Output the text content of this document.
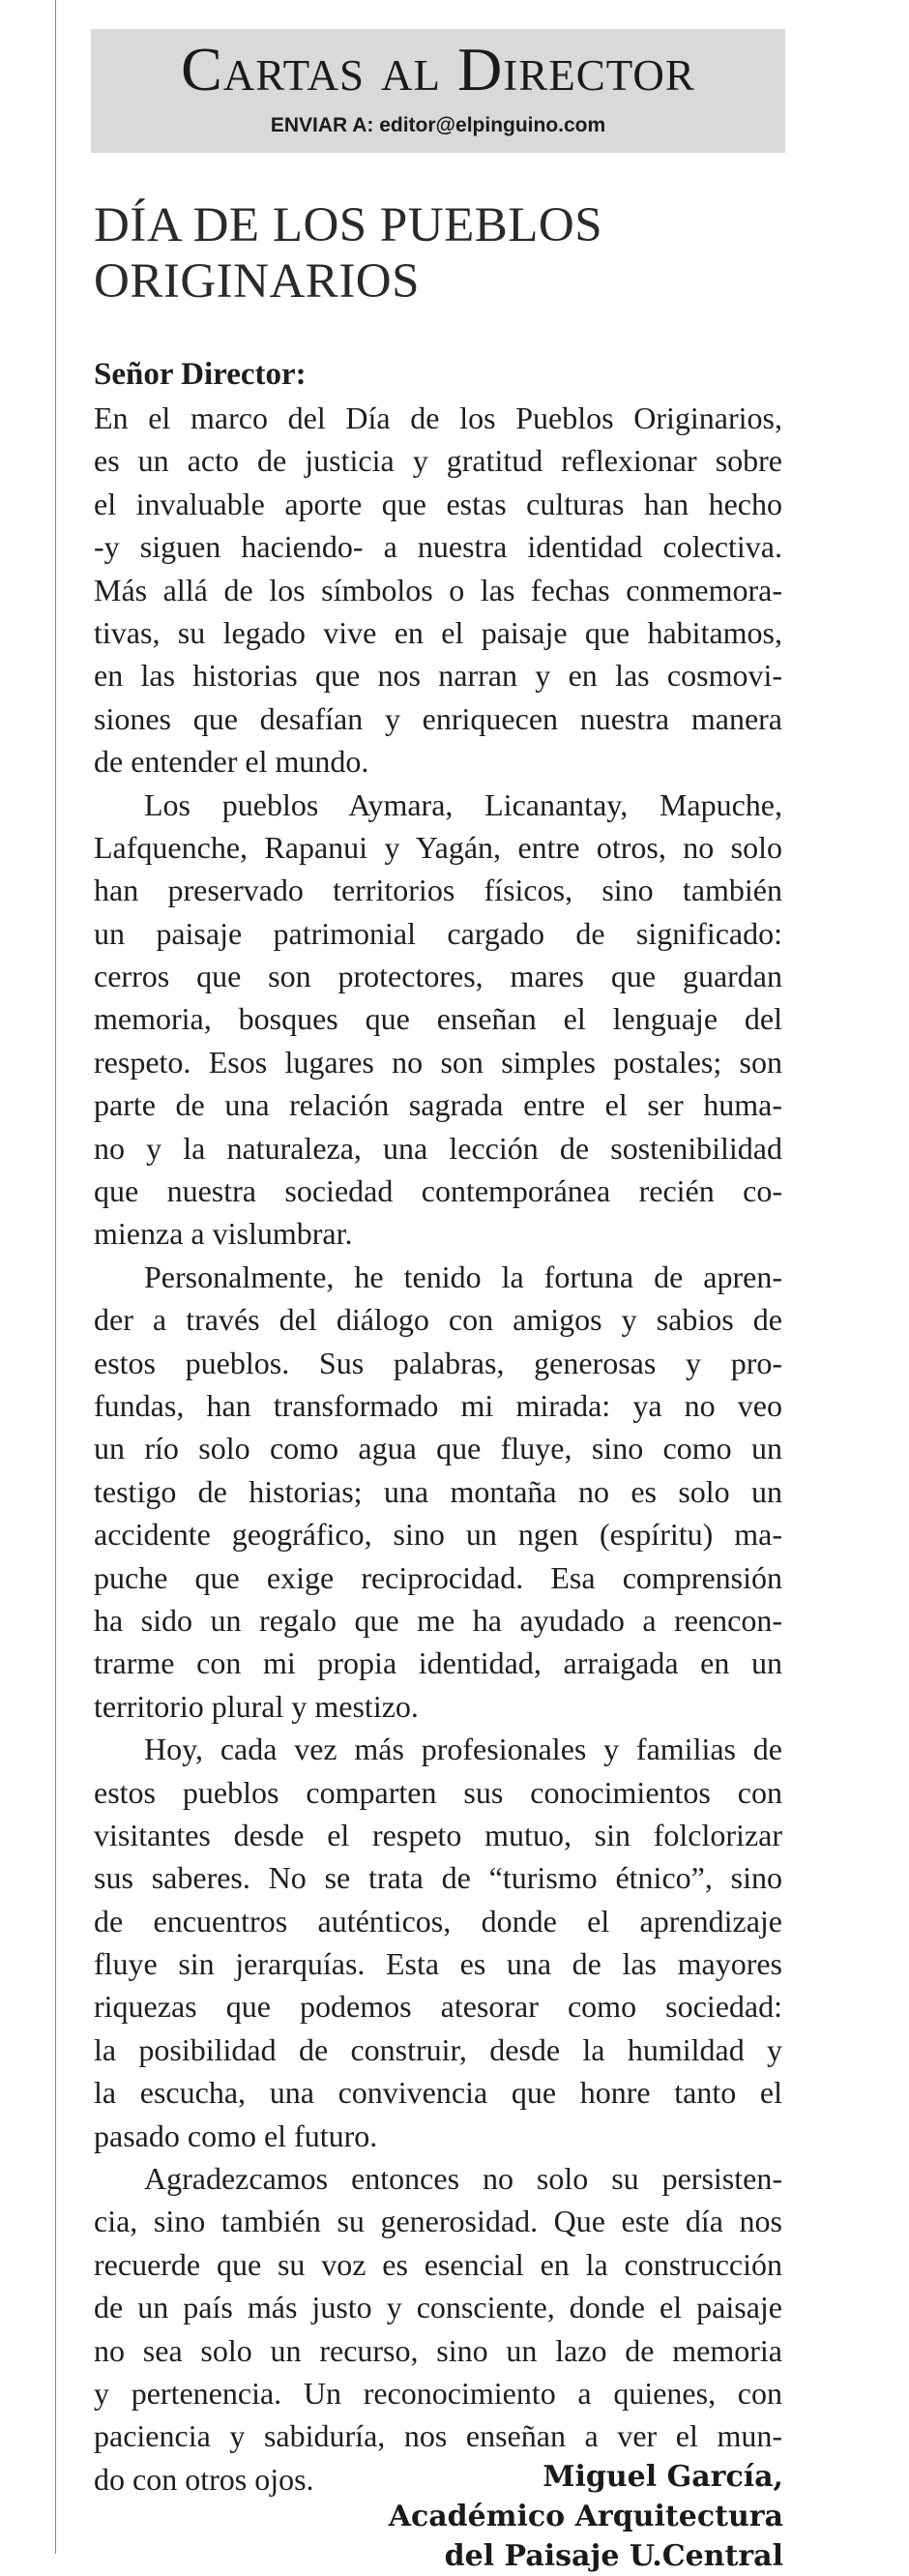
Cartas al Director
ENVIAR A: editor@elpinguino.com
DÍA DE LOS PUEBLOS
ORIGINARIOS
Señor Director:
En el marco del Día de los Pueblos Originarios,
es un acto de justicia y gratitud reflexionar sobre
el invaluable aporte que estas culturas han hecho
-y siguen haciendo- a nuestra identidad colectiva.
Más allá de los símbolos o las fechas conmemora-
tivas, su legado vive en el paisaje que habitamos,
en las historias que nos narran y en las cosmovi-
siones que desafían y enriquecen nuestra manera
de entender el mundo.
Los pueblos Aymara, Licanantay, Mapuche,
Lafquenche, Rapanui y Yagán, entre otros, no solo
han preservado territorios físicos, sino también
un paisaje patrimonial cargado de significado:
cerros que son protectores, mares que guardan
memoria, bosques que enseñan el lenguaje del
respeto. Esos lugares no son simples postales; son
parte de una relación sagrada entre el ser huma-
no y la naturaleza, una lección de sostenibilidad
que nuestra sociedad contemporánea recién co-
mienza a vislumbrar.
Personalmente, he tenido la fortuna de apren-
der a través del diálogo con amigos y sabios de
estos pueblos. Sus palabras, generosas y pro-
fundas, han transformado mi mirada: ya no veo
un río solo como agua que fluye, sino como un
testigo de historias; una montaña no es solo un
accidente geográfico, sino un ngen (espíritu) ma-
puche que exige reciprocidad. Esa comprensión
ha sido un regalo que me ha ayudado a reencon-
trarme con mi propia identidad, arraigada en un
territorio plural y mestizo.
Hoy, cada vez más profesionales y familias de
estos pueblos comparten sus conocimientos con
visitantes desde el respeto mutuo, sin folclorizar
sus saberes. No se trata de “turismo étnico”, sino
de encuentros auténticos, donde el aprendizaje
fluye sin jerarquías. Esta es una de las mayores
riquezas que podemos atesorar como sociedad:
la posibilidad de construir, desde la humildad y
la escucha, una convivencia que honre tanto el
pasado como el futuro.
Agradezcamos entonces no solo su persisten-
cia, sino también su generosidad. Que este día nos
recuerde que su voz es esencial en la construcción
de un país más justo y consciente, donde el paisaje
no sea solo un recurso, sino un lazo de memoria
y pertenencia. Un reconocimiento a quienes, con
paciencia y sabiduría, nos enseñan a ver el mun-
do con otros ojos.	Miguel García,
Académico Arquitectura
del Paisaje U.Central
